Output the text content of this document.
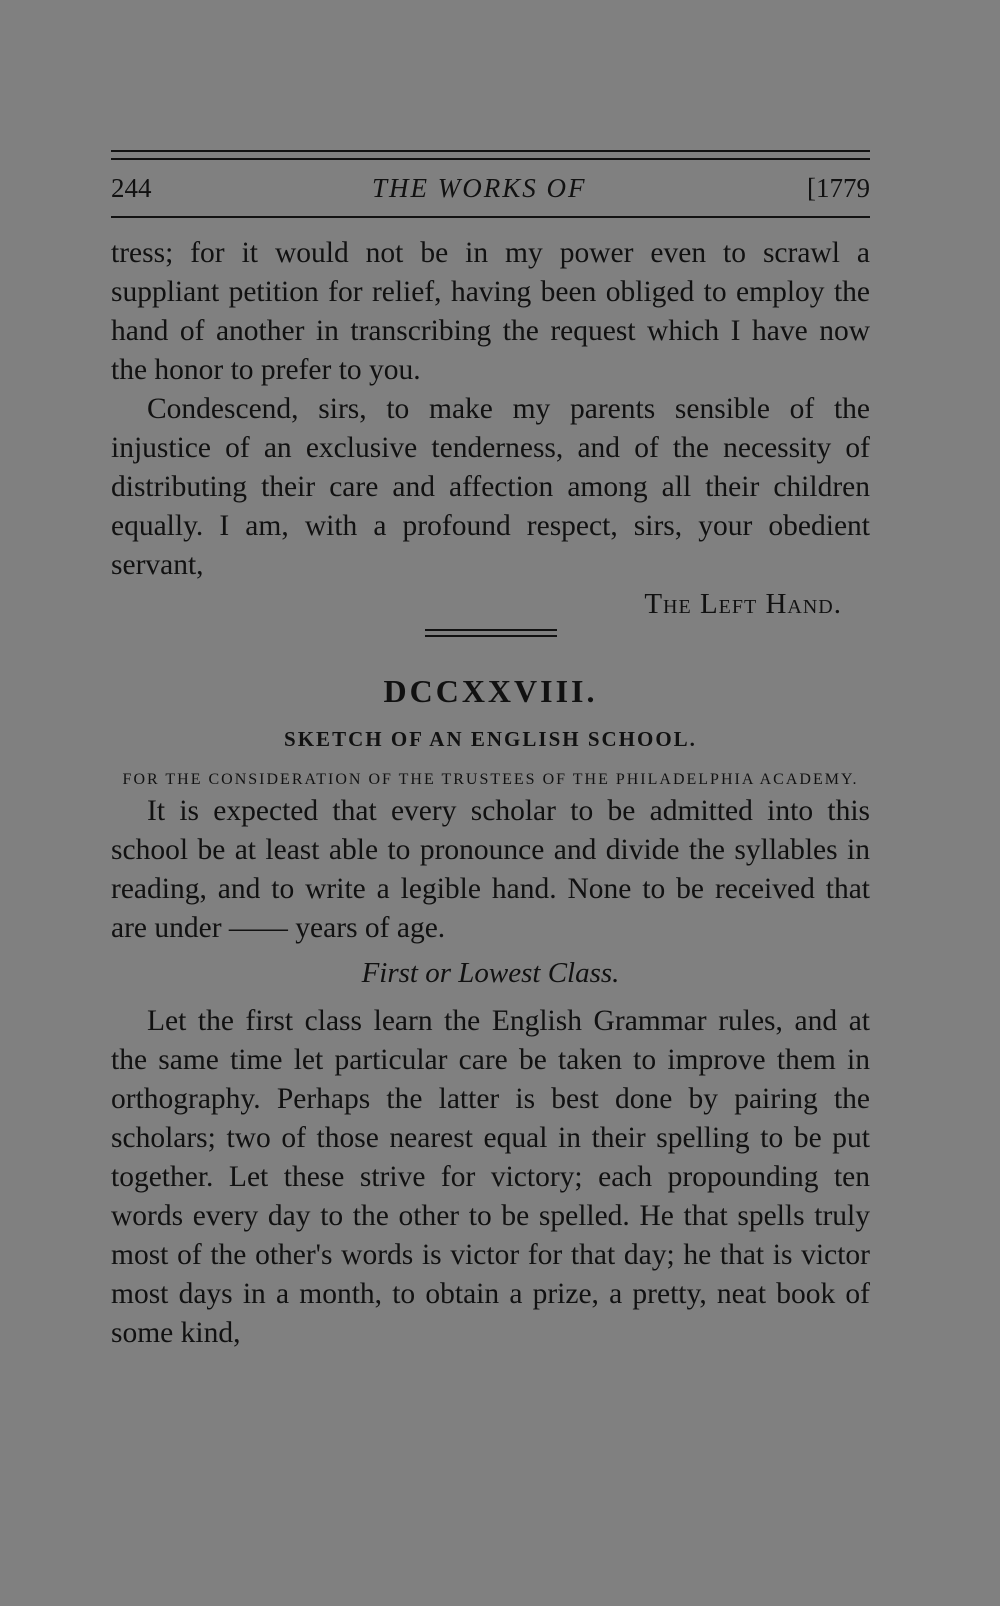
244	THE WORKS OF	[1779

tress; for it would not be in my power even to scrawl a suppliant petition for relief, having been obliged to employ the hand of another in transcribing the request which I have now the honor to prefer to you.

Condescend, sirs, to make my parents sensible of the injustice of an exclusive tenderness, and of the necessity of distributing their care and affection among all their children equally. I am, with a profound respect, sirs, your obedient servant,

The Left Hand.

DCCXXVIII.
SKETCH OF AN ENGLISH SCHOOL.

FOR THE CONSIDERATION OF THE TRUSTEES OF THE PHILADELPHIA ACADEMY.

It is expected that every scholar to be admitted into this school be at least able to pronounce and divide the syllables in reading, and to write a legible hand. None to be received that are under —— years of age.

First or Lowest Class.

Let the first class learn the English Grammar rules, and at the same time let particular care be taken to improve them in orthography. Perhaps the latter is best done by pairing the scholars; two of those nearest equal in their spelling to be put together. Let these strive for victory; each propounding ten words every day to the other to be spelled. He that spells truly most of the other's words is victor for that day; he that is victor most days in a month, to obtain a prize, a pretty, neat book of some kind,
